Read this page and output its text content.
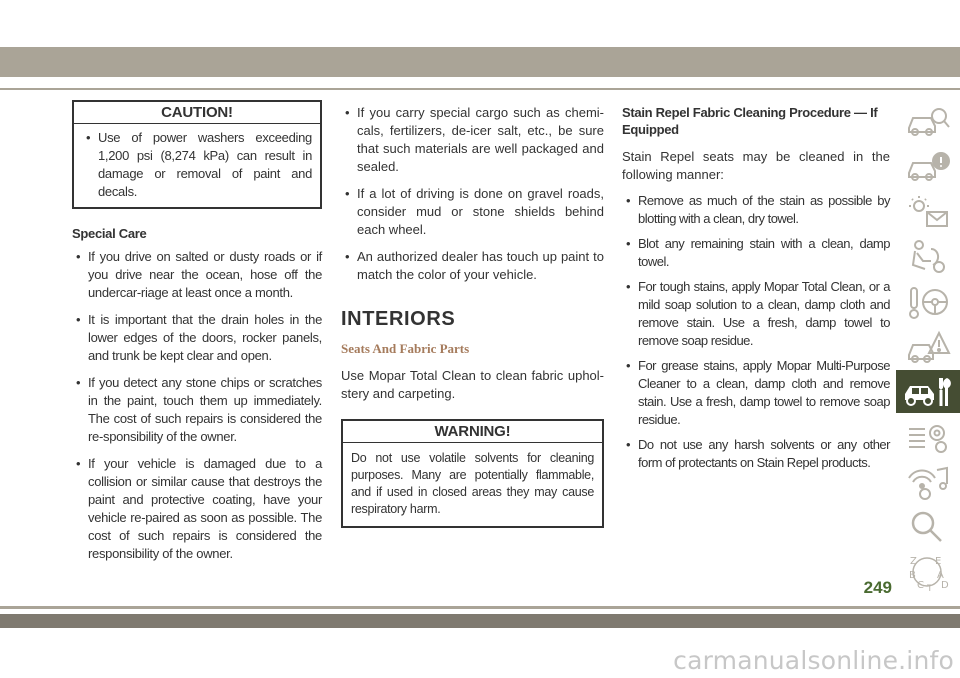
CAUTION!
• Use of power washers exceeding 1,200 psi (8,274 kPa) can result in damage or removal of paint and decals.
Special Care
• If you drive on salted or dusty roads or if you drive near the ocean, hose off the undercar-riage at least once a month.
• It is important that the drain holes in the lower edges of the doors, rocker panels, and trunk be kept clear and open.
• If you detect any stone chips or scratches in the paint, touch them up immediately. The cost of such repairs is considered the re-sponsibility of the owner.
• If your vehicle is damaged due to a collision or similar cause that destroys the paint and protective coating, have your vehicle re-paired as soon as possible. The cost of such repairs is considered the responsibility of the owner.
• If you carry special cargo such as chemi-cals, fertilizers, de-icer salt, etc., be sure that such materials are well packaged and sealed.
• If a lot of driving is done on gravel roads, consider mud or stone shields behind each wheel.
• An authorized dealer has touch up paint to match the color of your vehicle.
INTERIORS
Seats And Fabric Parts

Use Mopar Total Clean to clean fabric uphol-stery and carpeting.

WARNING!

Do not use volatile solvents for cleaning purposes. Many are potentially flammable, and if used in closed areas they may cause respiratory harm.

Stain Repel Fabric Cleaning Procedure — If Equipped

Stain Repel seats may be cleaned in the following manner:

• Remove as much of the stain as possible by blotting with a clean, dry towel.
• Blot any remaining stain with a clean, damp towel.
• For tough stains, apply Mopar Total Clean, or a mild soap solution to a clean, damp cloth and remove stain. Use a fresh, damp towel to remove soap residue.
• For grease stains, apply Mopar Multi-Purpose Cleaner to a clean, damp cloth and remove stain. Use a fresh, damp towel to remove soap residue.
• Do not use any harsh solvents or any other form of protectants on Stain Repel products.
Z E
B A
C D
T
249
carmanualsonline.info
